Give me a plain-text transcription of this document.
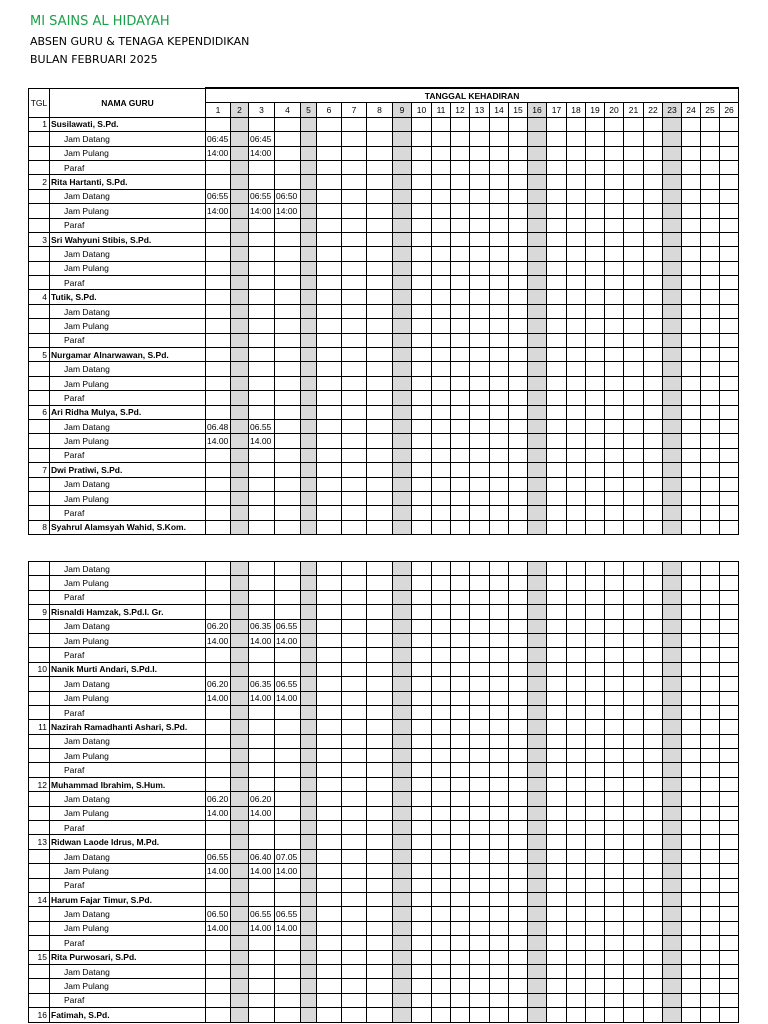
MI SAINS AL HIDAYAH
ABSEN GURU & TENAGA KEPENDIDIKAN
BULAN FEBRUARI 2025
TGL	NAMA GURU	TANGGAL KEHADIRAN																									
		1	2	3	4	5	6	7	8	9	10	11	12	13	14	15	16	17	18	19	20	21	22	23	24	25	26
1	Susilawati, S.Pd.																										
	Jam Datang	06:45		06:45																							
	Jam Pulang	14:00		14:00																							
	Paraf																										
2	Rita Hartanti, S.Pd.																										
	Jam Datang	06:55		06:55	06:50																						
	Jam Pulang	14:00		14:00	14:00																						
	Paraf																										
3	Sri Wahyuni Stibis, S.Pd.																										
	Jam Datang																										
	Jam Pulang																										
	Paraf																										
4	Tutik, S.Pd.																										
	Jam Datang																										
	Jam Pulang																										
	Paraf																										
5	Nurgamar Alnarwawan, S.Pd.																										
	Jam Datang																										
	Jam Pulang																										
	Paraf																										
6	Ari Ridha Mulya, S.Pd.																										
	Jam Datang	06.48		06.55																							
	Jam Pulang	14.00		14.00																							
	Paraf																										
7	Dwi Pratiwi, S.Pd.																										
	Jam Datang																										
	Jam Pulang																										
	Paraf																										
8	Syahrul Alamsyah Wahid, S.Kom.																										
	Jam Datang																										
	Jam Pulang																										
	Paraf																										
9	Risnaldi Hamzak, S.Pd.I. Gr.																										
	Jam Datang	06.20		06.35	06.55																						
	Jam Pulang	14.00		14.00	14.00																						
	Paraf																										
10	Nanik Murti Andari, S.Pd.I.																										
	Jam Datang	06.20		06.35	06.55																						
	Jam Pulang	14.00		14.00	14.00																						
	Paraf																										
11	Nazirah Ramadhanti Ashari, S.Pd.																										
	Jam Datang																										
	Jam Pulang																										
	Paraf																										
12	Muhammad Ibrahim, S.Hum.																										
	Jam Datang	06.20		06.20																							
	Jam Pulang	14.00		14.00																							
	Paraf																										
13	Ridwan Laode Idrus, M.Pd.																										
	Jam Datang	06.55		06.40	07.05																						
	Jam Pulang	14.00		14.00	14.00																						
	Paraf																										
14	Harum Fajar Timur, S.Pd.																										
	Jam Datang	06.50		06.55	06.55																						
	Jam Pulang	14.00		14.00	14.00																						
	Paraf																										
15	Rita Purwosari, S.Pd.																										
	Jam Datang																										
	Jam Pulang																										
	Paraf																										
16	Fatimah, S.Pd.																										
